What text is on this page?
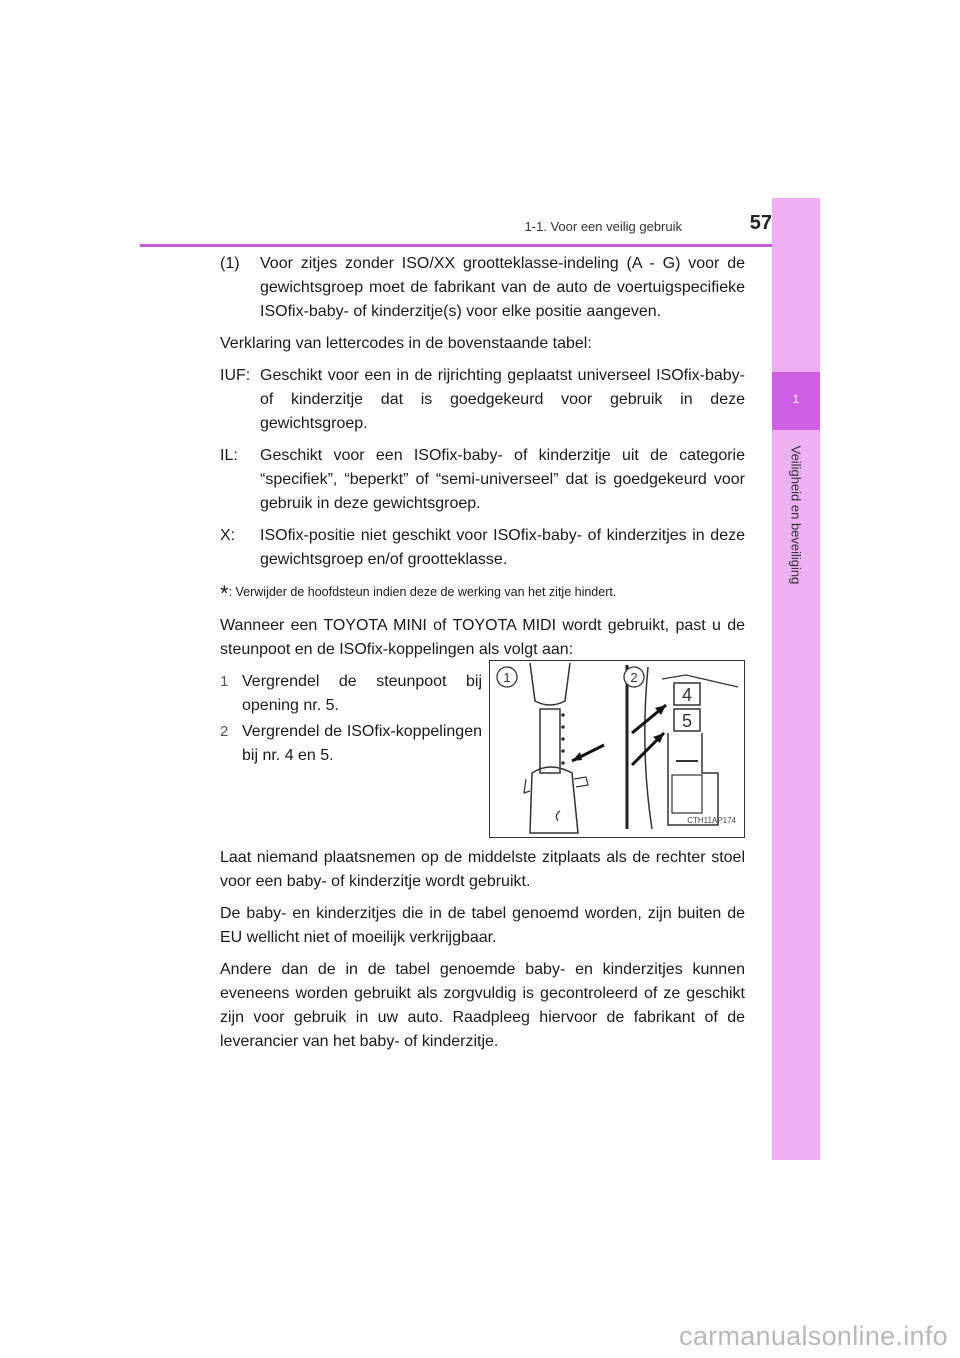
1-1. Voor een veilig gebruik	57
1
Veiligheid en beveiliging
(1)	Voor zitjes zonder ISO/XX grootteklasse-indeling (A - G) voor de gewichtsgroep moet de fabrikant van de auto de voertuigspecifieke ISOfix-baby- of kinderzitje(s) voor elke positie aangeven.

Verklaring van lettercodes in de bovenstaande tabel:

IUF: Geschikt voor een in de rijrichting geplaatst universeel ISOfix-baby- of kinderzitje dat is goedgekeurd voor gebruik in deze gewichtsgroep.
IL:	Geschikt voor een ISOfix-baby- of kinderzitje uit de categorie “specifiek”, “beperkt” of “semi-universeel” dat is goedgekeurd voor gebruik in deze gewichtsgroep.
X:	ISOfix-positie niet geschikt voor ISOfix-baby- of kinderzitjes in deze gewichtsgroep en/of grootteklasse.
*: Verwijder de hoofdsteun indien deze de werking van het zitje hindert.

Wanneer een TOYOTA MINI of TOYOTA MIDI wordt gebruikt, past u de steunpoot en de ISOfix-koppelingen als volgt aan:

1 Vergrendel de steunpoot bij opening nr. 5.
2 Vergrendel de ISOfix-koppelingen bij nr. 4 en 5.
1
4
5
2
CTH11AP174

Laat niemand plaatsnemen op de middelste zitplaats als de rechter stoel voor een baby- of kinderzitje wordt gebruikt.

De baby- en kinderzitjes die in de tabel genoemd worden, zijn buiten de EU wellicht niet of moeilijk verkrijgbaar.

Andere dan de in de tabel genoemde baby- en kinderzitjes kunnen eveneens worden gebruikt als zorgvuldig is gecontroleerd of ze geschikt zijn voor gebruik in uw auto. Raadpleeg hiervoor de fabrikant of de leverancier van het baby- of kinderzitje.

carmanualsonline.info
